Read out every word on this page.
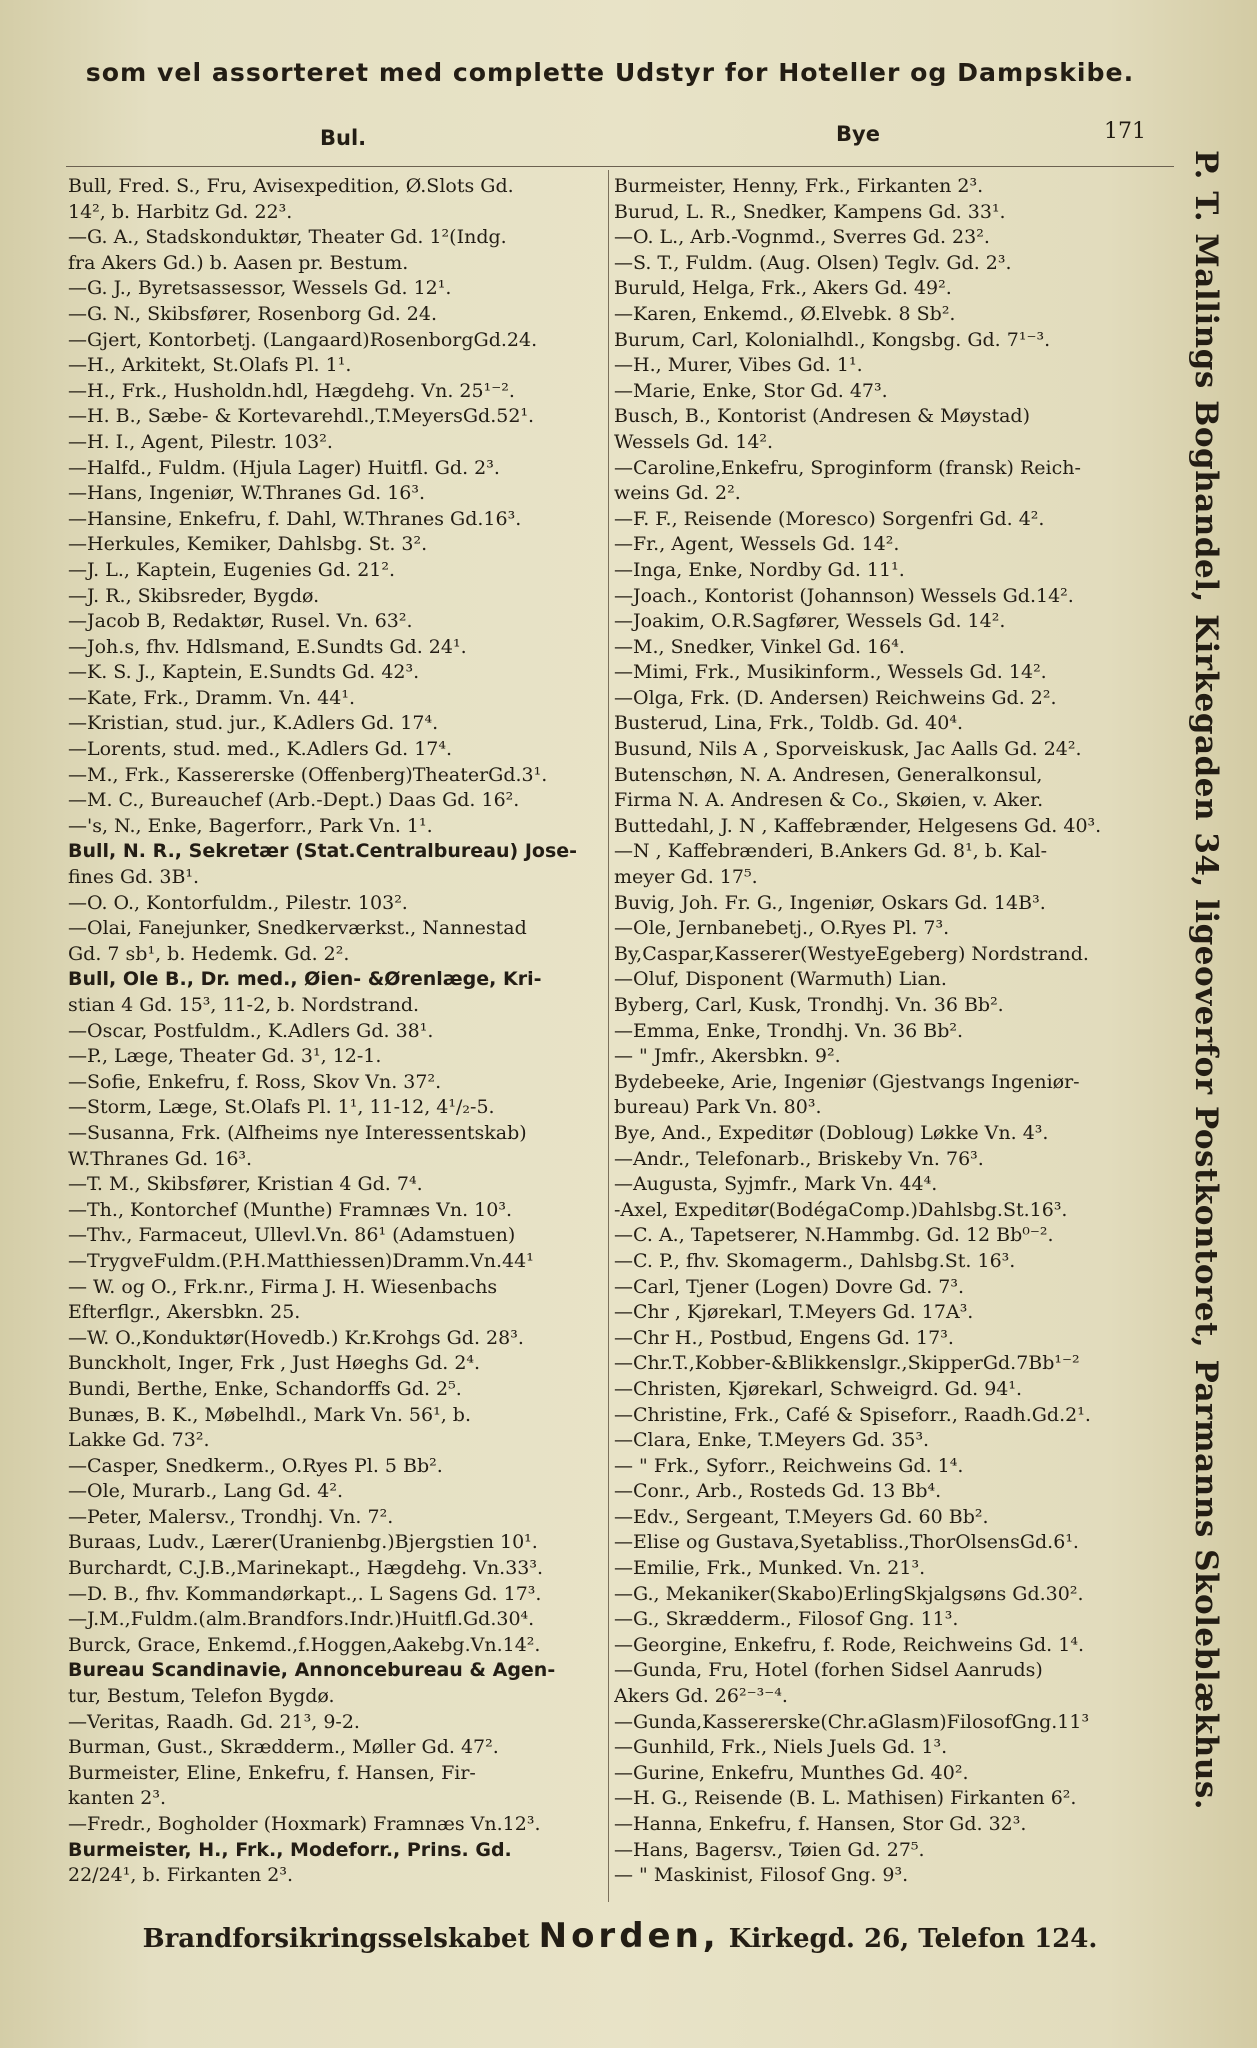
som vel assorteret med complette Udstyr for Hoteller og Dampskibe.
Bul.	Bye	171
Bull, Fred. S., Fru, Avisexpedition, Ø.Slots Gd.
14², b. Harbitz Gd. 22³.
—G. A., Stadskonduktør, Theater Gd. 1²(Indg.
fra Akers Gd.) b. Aasen pr. Bestum.
—G. J., Byretsassessor, Wessels Gd. 12¹.
—G. N., Skibsfører, Rosenborg Gd. 24.
—Gjert, Kontorbetj. (Langaard)RosenborgGd.24.
—H., Arkitekt, St.Olafs Pl. 1¹.
—H., Frk., Husholdn.hdl, Hægdehg. Vn. 25¹⁻².
—H. B., Sæbe- & Kortevarehdl.,T.MeyersGd.52¹.
—H. I., Agent, Pilestr. 103².
—Halfd., Fuldm. (Hjula Lager) Huitfl. Gd. 2³.
—Hans, Ingeniør, W.Thranes Gd. 16³.
—Hansine, Enkefru, f. Dahl, W.Thranes Gd.16³.
—Herkules, Kemiker, Dahlsbg. St. 3².
—J. L., Kaptein, Eugenies Gd. 21².
—J. R., Skibsreder, Bygdø.
—Jacob B, Redaktør, Rusel. Vn. 63².
—Joh.s, fhv. Hdlsmand, E.Sundts Gd. 24¹.
—K. S. J., Kaptein, E.Sundts Gd. 42³.
—Kate, Frk., Dramm. Vn. 44¹.
—Kristian, stud. jur., K.Adlers Gd. 17⁴.
—Lorents, stud. med., K.Adlers Gd. 17⁴.
—M., Frk., Kassererske (Offenberg)TheaterGd.3¹.
—M. C., Bureauchef (Arb.-Dept.) Daas Gd. 16².
—'s, N., Enke, Bagerforr., Park Vn. 1¹.
Bull, N. R., Sekretær (Stat.Centralbureau) Jose-
fines Gd. 3B¹.
—O. O., Kontorfuldm., Pilestr. 103².
—Olai, Fanejunker, Snedkerværkst., Nannestad
Gd. 7 sb¹, b. Hedemk. Gd. 2².
Bull, Ole B., Dr. med., Øien- &Ørenlæge, Kri-
stian 4 Gd. 15³, 11-2, b. Nordstrand.
—Oscar, Postfuldm., K.Adlers Gd. 38¹.
—P., Læge, Theater Gd. 3¹, 12-1.
—Sofie, Enkefru, f. Ross, Skov Vn. 37².
—Storm, Læge, St.Olafs Pl. 1¹, 11-12, 4¹/₂-5.
—Susanna, Frk. (Alfheims nye Interessentskab)
W.Thranes Gd. 16³.
—T. M., Skibsfører, Kristian 4 Gd. 7⁴.
—Th., Kontorchef (Munthe) Framnæs Vn. 10³.
—Thv., Farmaceut, Ullevl.Vn. 86¹ (Adamstuen)
—TrygveFuldm.(P.H.Matthiessen)Dramm.Vn.44¹
— W. og O., Frk.nr., Firma J. H. Wiesenbachs
Efterflgr., Akersbkn. 25.
—W. O.,Konduktør(Hovedb.) Kr.Krohgs Gd. 28³.
Bunckholt, Inger, Frk , Just Høeghs Gd. 2⁴.
Bundi, Berthe, Enke, Schandorffs Gd. 2⁵.
Bunæs, B. K., Møbelhdl., Mark Vn. 56¹, b.
Lakke Gd. 73².
—Casper, Snedkerm., O.Ryes Pl. 5 Bb².
—Ole, Murarb., Lang Gd. 4².
—Peter, Malersv., Trondhj. Vn. 7².
Buraas, Ludv., Lærer(Uranienbg.)Bjergstien 10¹.
Burchardt, C.J.B.,Marinekapt., Hægdehg. Vn.33³.
—D. B., fhv. Kommandørkapt.,. L Sagens Gd. 17³.
—J.M.,Fuldm.(alm.Brandfors.Indr.)Huitfl.Gd.30⁴.
Burck, Grace, Enkemd.,f.Hoggen,Aakebg.Vn.14².
Bureau Scandinavie, Annoncebureau & Agen-
tur, Bestum, Telefon Bygdø.
—Veritas, Raadh. Gd. 21³, 9-2.
Burman, Gust., Skrædderm., Møller Gd. 47².
Burmeister, Eline, Enkefru, f. Hansen, Fir-
kanten 2³.
—Fredr., Bogholder (Hoxmark) Framnæs Vn.12³.
Burmeister, H., Frk., Modeforr., Prins. Gd.
22/24¹, b. Firkanten 2³.
Burmeister, Henny, Frk., Firkanten 2³.
Burud, L. R., Snedker, Kampens Gd. 33¹.
—O. L., Arb.-Vognmd., Sverres Gd. 23².
—S. T., Fuldm. (Aug. Olsen) Teglv. Gd. 2³.
Buruld, Helga, Frk., Akers Gd. 49².
—Karen, Enkemd., Ø.Elvebk. 8 Sb².
Burum, Carl, Kolonialhdl., Kongsbg. Gd. 7¹⁻³.
—H., Murer, Vibes Gd. 1¹.
—Marie, Enke, Stor Gd. 47³.
Busch, B., Kontorist (Andresen & Møystad)
Wessels Gd. 14².
—Caroline,Enkefru, Sproginform (fransk) Reich-
weins Gd. 2².
—F. F., Reisende (Moresco) Sorgenfri Gd. 4².
—Fr., Agent, Wessels Gd. 14².
—Inga, Enke, Nordby Gd. 11¹.
—Joach., Kontorist (Johannson) Wessels Gd.14².
—Joakim, O.R.Sagfører, Wessels Gd. 14².
—M., Snedker, Vinkel Gd. 16⁴.
—Mimi, Frk., Musikinform., Wessels Gd. 14².
—Olga, Frk. (D. Andersen) Reichweins Gd. 2².
Busterud, Lina, Frk., Toldb. Gd. 40⁴.
Busund, Nils A , Sporveiskusk, Jac Aalls Gd. 24².
Butenschøn, N. A. Andresen, Generalkonsul,
Firma N. A. Andresen & Co., Skøien, v. Aker.
Buttedahl, J. N , Kaffebrænder, Helgesens Gd. 40³.
—N , Kaffebrænderi, B.Ankers Gd. 8¹, b. Kal-
meyer Gd. 17⁵.
Buvig, Joh. Fr. G., Ingeniør, Oskars Gd. 14B³.
—Ole, Jernbanebetj., O.Ryes Pl. 7³.
By,Caspar,Kasserer(WestyeEgeberg) Nordstrand.
—Oluf, Disponent (Warmuth) Lian.
Byberg, Carl, Kusk, Trondhj. Vn. 36 Bb².
—Emma, Enke, Trondhj. Vn. 36 Bb².
— " Jmfr., Akersbkn. 9².
Bydebeeke, Arie, Ingeniør (Gjestvangs Ingeniør-
bureau) Park Vn. 80³.
Bye, And., Expeditør (Dobloug) Løkke Vn. 4³.
—Andr., Telefonarb., Briskeby Vn. 76³.
—Augusta, Syjmfr., Mark Vn. 44⁴.
-Axel, Expeditør(BodégaComp.)Dahlsbg.St.16³.
—C. A., Tapetserer, N.Hammbg. Gd. 12 Bb⁰⁻².
—C. P., fhv. Skomagerm., Dahlsbg.St. 16³.
—Carl, Tjener (Logen) Dovre Gd. 7³.
—Chr , Kjørekarl, T.Meyers Gd. 17A³.
—Chr H., Postbud, Engens Gd. 17³.
—Chr.T.,Kobber-&Blikkenslgr.,SkipperGd.7Bb¹⁻²
—Christen, Kjørekarl, Schweigrd. Gd. 94¹.
—Christine, Frk., Café & Spiseforr., Raadh.Gd.2¹.
—Clara, Enke, T.Meyers Gd. 35³.
— " Frk., Syforr., Reichweins Gd. 1⁴.
—Conr., Arb., Rosteds Gd. 13 Bb⁴.
—Edv., Sergeant, T.Meyers Gd. 60 Bb².
—Elise og Gustava,Syetabliss.,ThorOlsensGd.6¹.
—Emilie, Frk., Munked. Vn. 21³.
—G., Mekaniker(Skabo)ErlingSkjalgsøns Gd.30².
—G., Skrædderm., Filosof Gng. 11³.
—Georgine, Enkefru, f. Rode, Reichweins Gd. 1⁴.
—Gunda, Fru, Hotel (forhen Sidsel Aanruds)
Akers Gd. 26²⁻³⁻⁴.
—Gunda,Kassererske(Chr.aGlasm)FilosofGng.11³
—Gunhild, Frk., Niels Juels Gd. 1³.
—Gurine, Enkefru, Munthes Gd. 40².
—H. G., Reisende (B. L. Mathisen) Firkanten 6².
—Hanna, Enkefru, f. Hansen, Stor Gd. 32³.
—Hans, Bagersv., Tøien Gd. 27⁵.
— " Maskinist, Filosof Gng. 9³.
P. T. Mallings Boghandel, Kirkegaden 34, ligeoverfor Postkontoret, Parmanns Skoleblækhus.
Brandforsikringsselskabet Norden, Kirkegd. 26, Telefon 124.
